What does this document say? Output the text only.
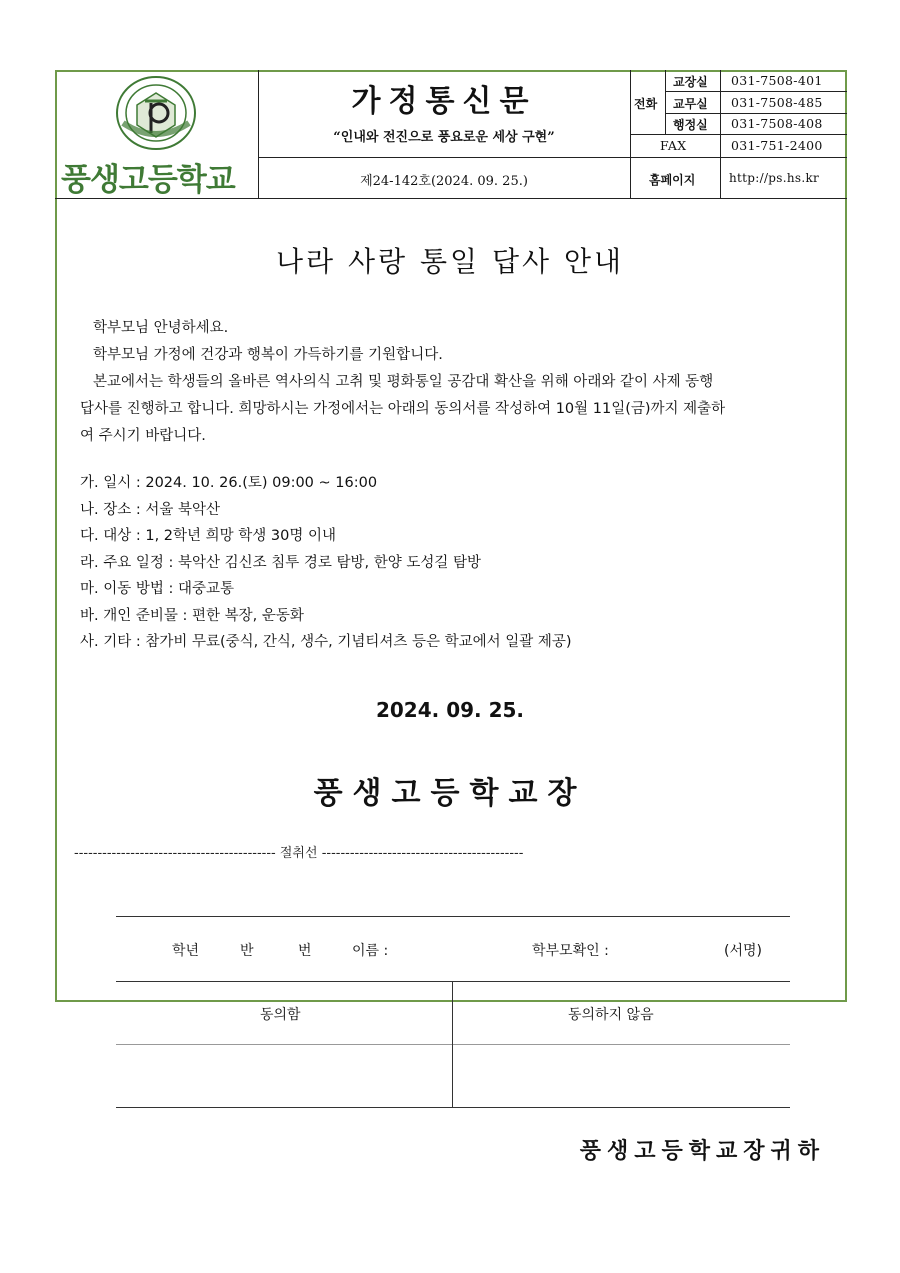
풍생고등학교
가정통신문
“인내와 전진으로 풍요로운 세상 구현”
제24-142호(2024. 09. 25.)
전화
교장실 031-7508-401
교무실 031-7508-485
행정실 031-7508-408
FAX	031-751-2400
홈페이지	http://ps.hs.kr
나라 사랑 통일 답사 안내
학부모님 안녕하세요.
학부모님 가정에 건강과 행복이 가득하기를 기원합니다.
본교에서는 학생들의 올바른 역사의식 고취 및 평화통일 공감대 확산을 위해 아래와 같이 사제 동행
답사를 진행하고 합니다. 희망하시는 가정에서는 아래의 동의서를 작성하여 10월 11일(금)까지 제출하
여 주시기 바랍니다.
가. 일시 : 2024. 10. 26.(토) 09:00 ~ 16:00
나. 장소 : 서울 북악산
다. 대상 : 1, 2학년 희망 학생 30명 이내
라. 주요 일정 : 북악산 김신조 침투 경로 탐방, 한양 도성길 탐방
마. 이동 방법 : 대중교통
바. 개인 준비물 : 편한 복장, 운동화
사. 기타 : 참가비 무료(중식, 간식, 생수, 기념티셔츠 등은 학교에서 일괄 제공)
2024. 09. 25.
풍생고등학교장
------------------------------------------- 절취선 -------------------------------------------
학년	반	번	이름 :	학부모확인 :	(서명)
동의함	동의하지 않음
풍생고등학교장귀하
